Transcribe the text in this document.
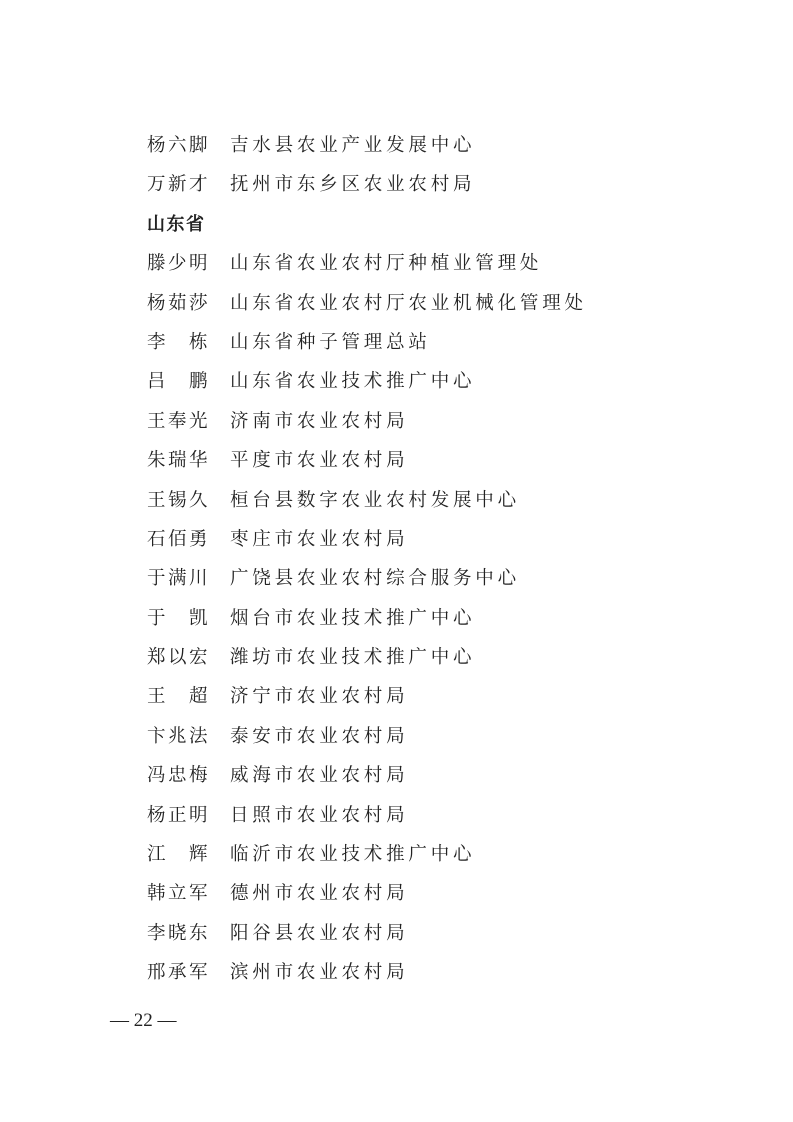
杨六脚	吉水县农业产业发展中心
万新才	抚州市东乡区农业农村局
山东省
滕少明	山东省农业农村厅种植业管理处
杨茹莎	山东省农业农村厅农业机械化管理处
李　栋	山东省种子管理总站
吕　鹏	山东省农业技术推广中心
王奉光	济南市农业农村局
朱瑞华	平度市农业农村局
王锡久	桓台县数字农业农村发展中心
石佰勇	枣庄市农业农村局
于满川	广饶县农业农村综合服务中心
于　凯	烟台市农业技术推广中心
郑以宏	潍坊市农业技术推广中心
王　超	济宁市农业农村局
卞兆法	泰安市农业农村局
冯忠梅	威海市农业农村局
杨正明	日照市农业农村局
江　辉	临沂市农业技术推广中心
韩立军	德州市农业农村局
李晓东	阳谷县农业农村局
邢承军	滨州市农业农村局
— 22 —
